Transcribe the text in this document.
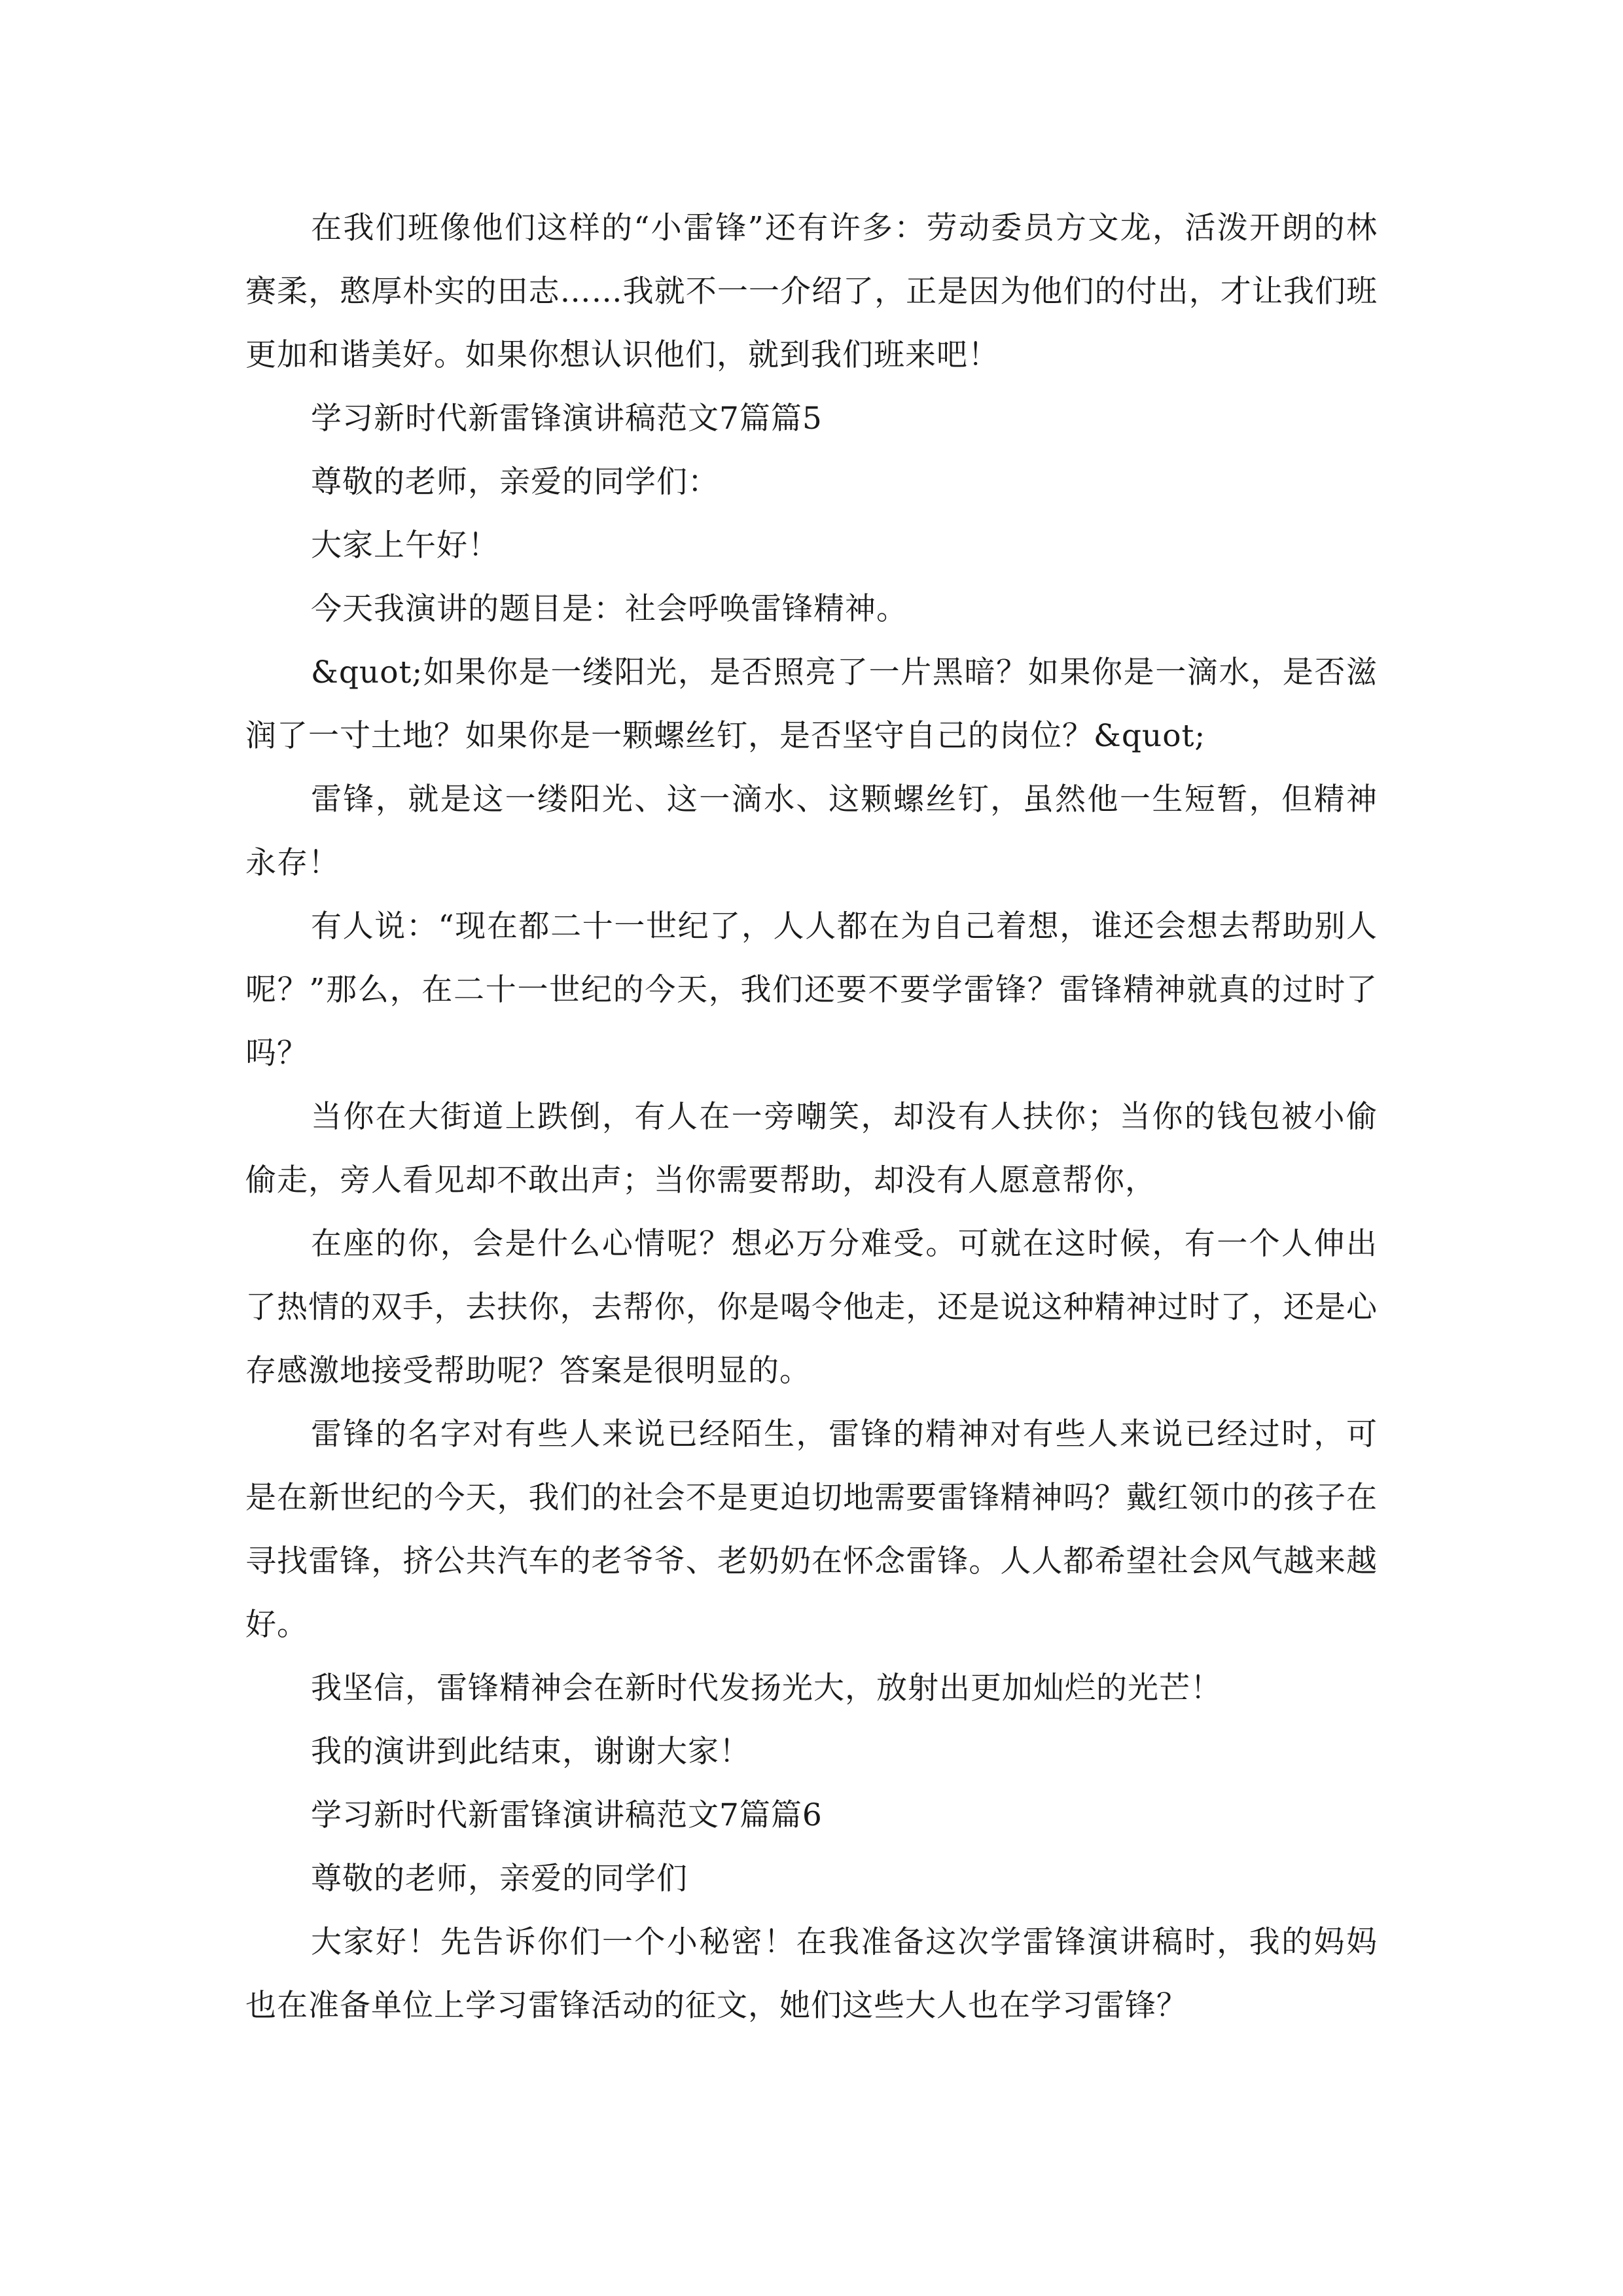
在我们班像他们这样的“小雷锋”还有许多：劳动委员方文龙，活泼开朗的林赛柔，憨厚朴实的田志……我就不一一介绍了，正是因为他们的付出，才让我们班更加和谐美好。如果你想认识他们，就到我们班来吧！

学习新时代新雷锋演讲稿范文7篇篇5

尊敬的老师，亲爱的同学们：

大家上午好！

今天我演讲的题目是：社会呼唤雷锋精神。

&quot;如果你是一缕阳光，是否照亮了一片黑暗？如果你是一滴水，是否滋润了一寸土地？如果你是一颗螺丝钉，是否坚守自己的岗位？&quot;

雷锋，就是这一缕阳光、这一滴水、这颗螺丝钉，虽然他一生短暂，但精神永存！

有人说：“现在都二十一世纪了，人人都在为自己着想，谁还会想去帮助别人呢？”那么，在二十一世纪的今天，我们还要不要学雷锋？雷锋精神就真的过时了吗？

当你在大街道上跌倒，有人在一旁嘲笑，却没有人扶你；当你的钱包被小偷偷走，旁人看见却不敢出声；当你需要帮助，却没有人愿意帮你，

在座的你，会是什么心情呢？想必万分难受。可就在这时候，有一个人伸出了热情的双手，去扶你，去帮你，你是喝令他走，还是说这种精神过时了，还是心存感激地接受帮助呢？答案是很明显的。

雷锋的名字对有些人来说已经陌生，雷锋的精神对有些人来说已经过时，可是在新世纪的今天，我们的社会不是更迫切地需要雷锋精神吗？戴红领巾的孩子在寻找雷锋，挤公共汽车的老爷爷、老奶奶在怀念雷锋。人人都希望社会风气越来越好。

我坚信，雷锋精神会在新时代发扬光大，放射出更加灿烂的光芒！

我的演讲到此结束，谢谢大家！

学习新时代新雷锋演讲稿范文7篇篇6

尊敬的老师，亲爱的同学们

大家好！先告诉你们一个小秘密！在我准备这次学雷锋演讲稿时，我的妈妈也在准备单位上学习雷锋活动的征文，她们这些大人也在学习雷锋？
